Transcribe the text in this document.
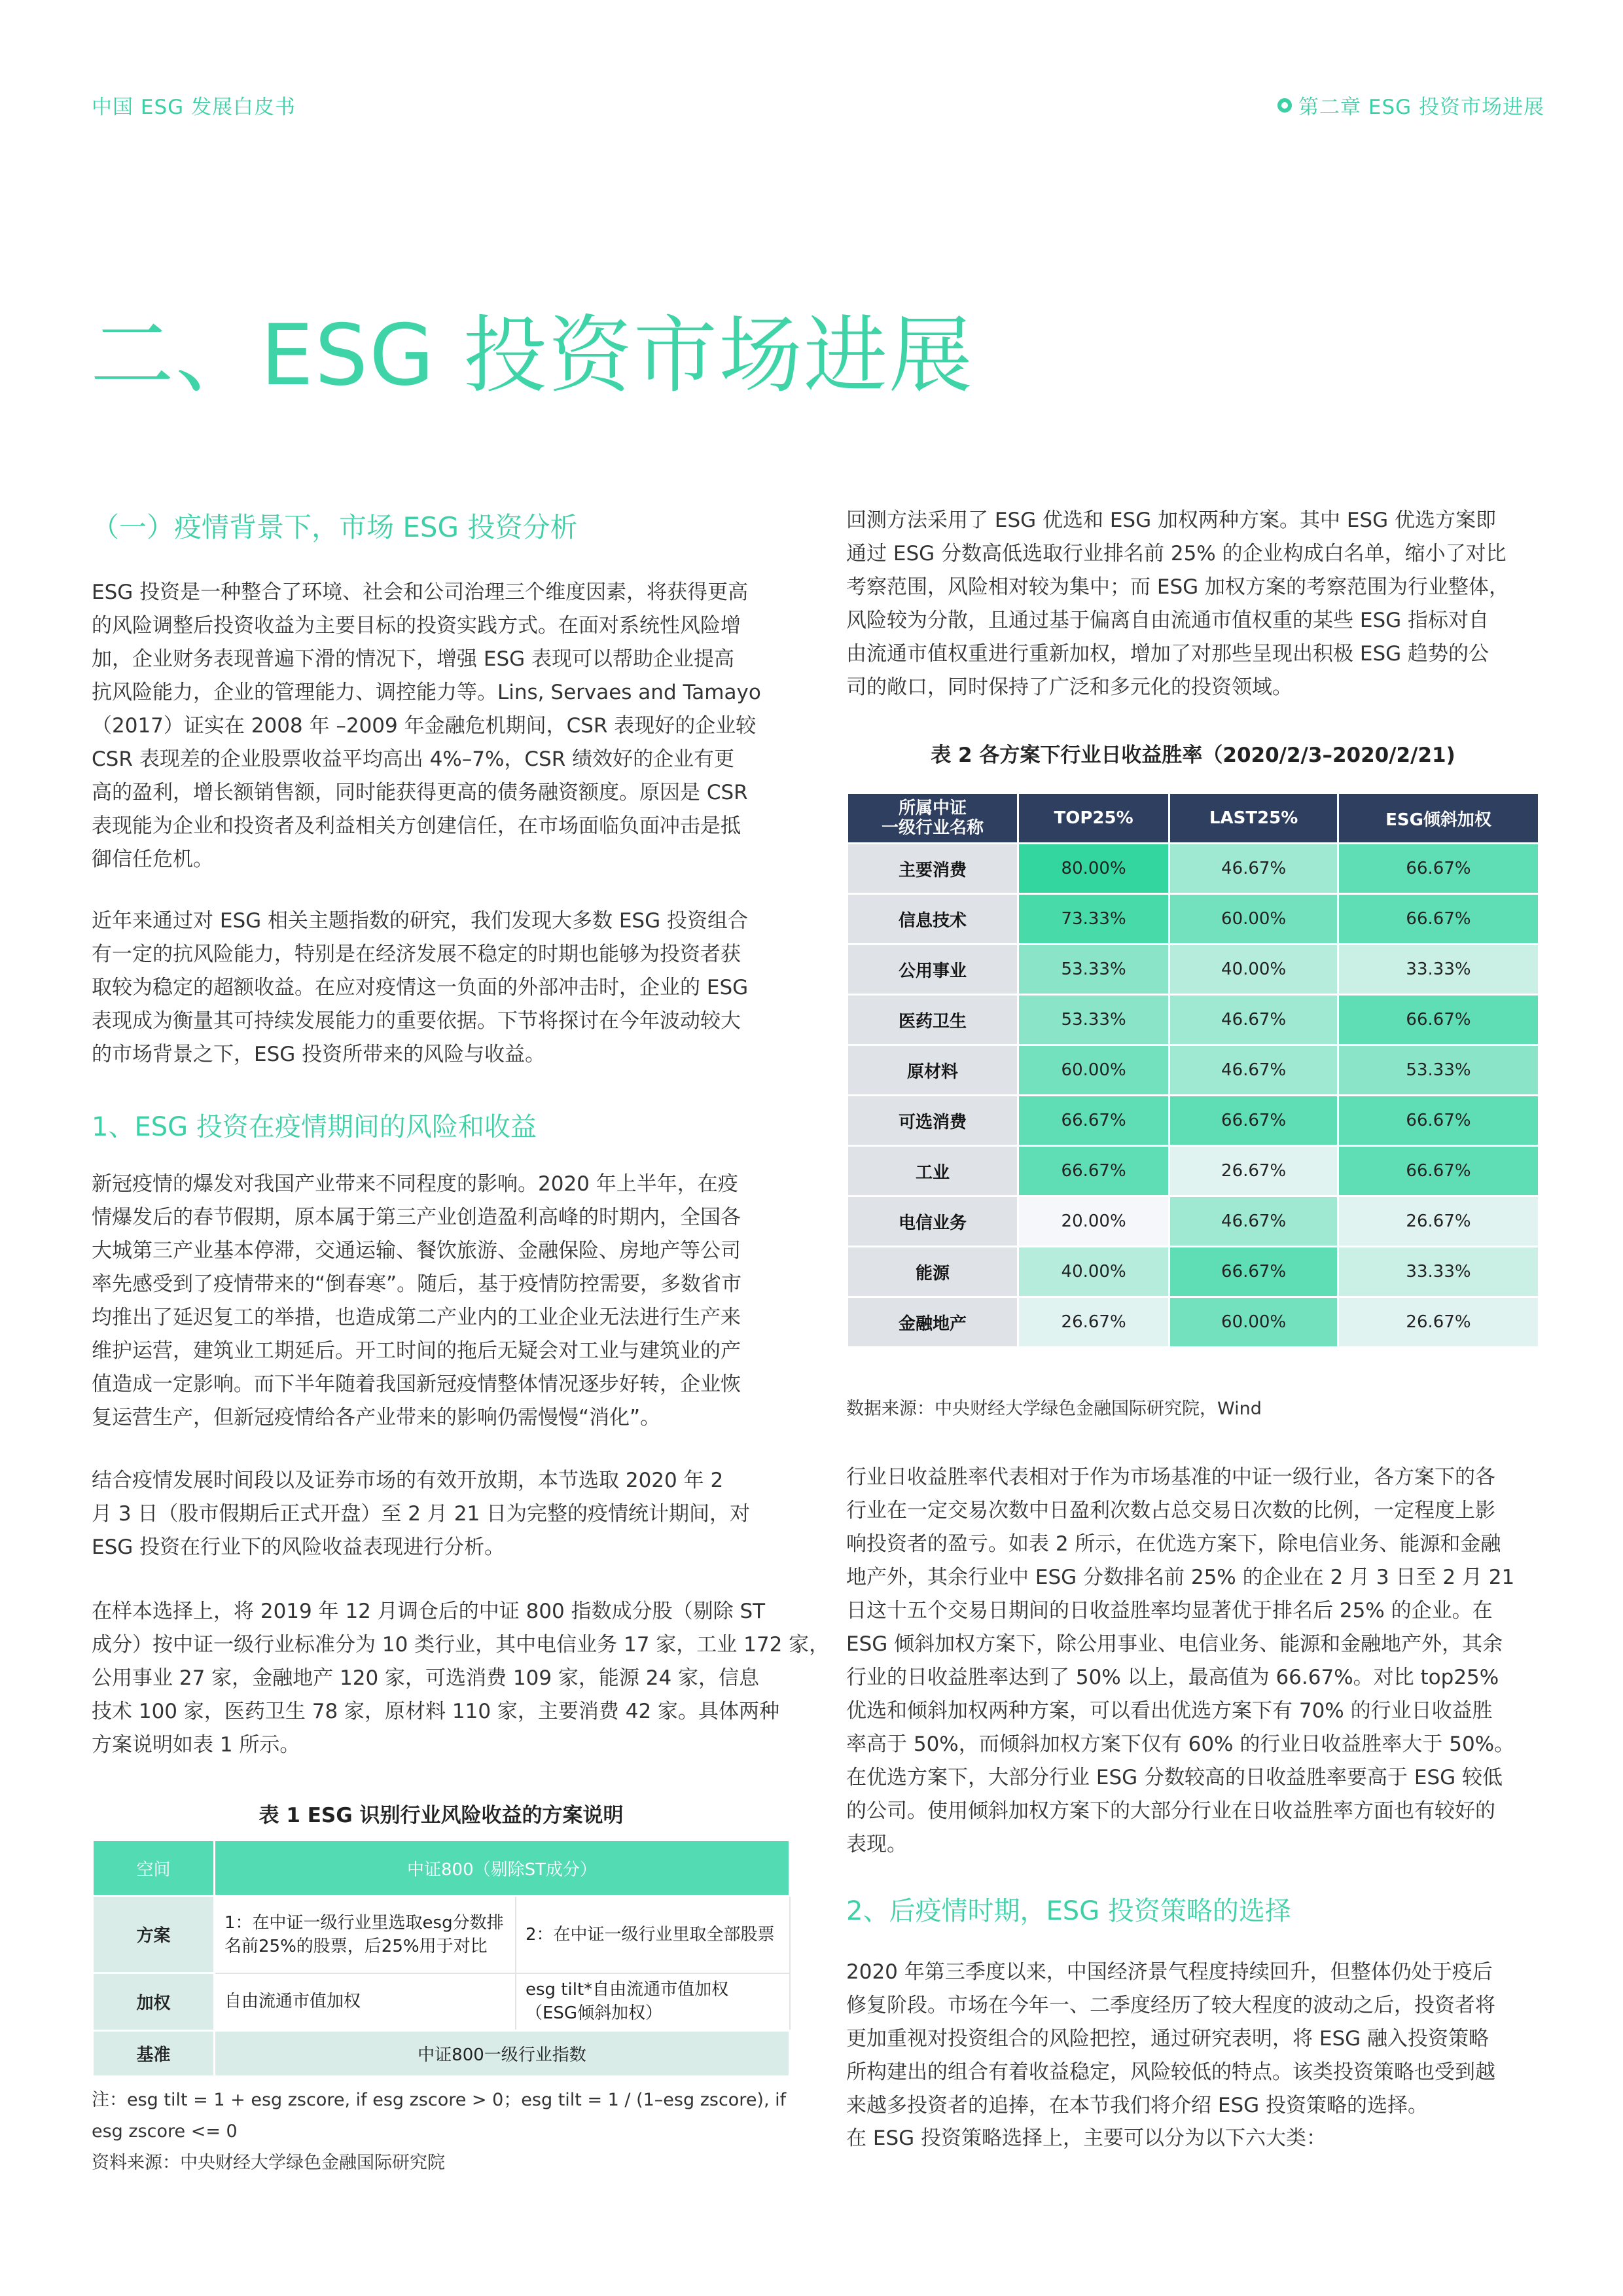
中国 ESG 发展白皮书	第二章 ESG 投资市场进展
二、ESG 投资市场进展
（一）疫情背景下，市场 ESG 投资分析
ESG 投资是一种整合了环境、社会和公司治理三个维度因素，将获得更高
的风险调整后投资收益为主要目标的投资实践方式。在面对系统性风险增
加，企业财务表现普遍下滑的情况下，增强 ESG 表现可以帮助企业提高
抗风险能力，企业的管理能力、调控能力等。Lins, Servaes and Tamayo
（2017）证实在 2008 年 –2009 年金融危机期间，CSR 表现好的企业较
CSR 表现差的企业股票收益平均高出 4%–7%，CSR 绩效好的企业有更
高的盈利，增长额销售额，同时能获得更高的债务融资额度。原因是 CSR
表现能为企业和投资者及利益相关方创建信任，在市场面临负面冲击是抵
御信任危机。
近年来通过对 ESG 相关主题指数的研究，我们发现大多数 ESG 投资组合
有一定的抗风险能力，特别是在经济发展不稳定的时期也能够为投资者获
取较为稳定的超额收益。在应对疫情这一负面的外部冲击时，企业的 ESG
表现成为衡量其可持续发展能力的重要依据。下节将探讨在今年波动较大
的市场背景之下，ESG 投资所带来的风险与收益。
1、ESG 投资在疫情期间的风险和收益
新冠疫情的爆发对我国产业带来不同程度的影响。2020 年上半年，在疫
情爆发后的春节假期，原本属于第三产业创造盈利高峰的时期内，全国各
大城第三产业基本停滞，交通运输、餐饮旅游、金融保险、房地产等公司
率先感受到了疫情带来的“倒春寒”。随后，基于疫情防控需要，多数省市
均推出了延迟复工的举措，也造成第二产业内的工业企业无法进行生产来
维护运营，建筑业工期延后。开工时间的拖后无疑会对工业与建筑业的产
值造成一定影响。而下半年随着我国新冠疫情整体情况逐步好转，企业恢
复运营生产，但新冠疫情给各产业带来的影响仍需慢慢“消化”。
结合疫情发展时间段以及证券市场的有效开放期，本节选取 2020 年 2
月 3 日（股市假期后正式开盘）至 2 月 21 日为完整的疫情统计期间，对
ESG 投资在行业下的风险收益表现进行分析。
在样本选择上，将 2019 年 12 月调仓后的中证 800 指数成分股（剔除 ST
成分）按中证一级行业标准分为 10 类行业，其中电信业务 17 家，工业 172 家，
公用事业 27 家，金融地产 120 家，可选消费 109 家，能源 24 家，信息
技术 100 家，医药卫生 78 家，原材料 110 家，主要消费 42 家。具体两种
方案说明如表 1 所示。
表 1 ESG 识别行业风险收益的方案说明
空间	中证800（剔除ST成分）	
方案	1：在中证一级行业里选取esg分数排名前25%的股票，后25%用于对比	2：在中证一级行业里取全部股票
加权	自由流通市值加权	esg tilt*自由流通市值加权（ESG倾斜加权）
基准	中证800一级行业指数	
注：esg tilt = 1 + esg zscore, if esg zscore > 0；esg tilt = 1 / (1–esg zscore), if
esg zscore <= 0
资料来源：中央财经大学绿色金融国际研究院
回测方法采用了 ESG 优选和 ESG 加权两种方案。其中 ESG 优选方案即
通过 ESG 分数高低选取行业排名前 25% 的企业构成白名单，缩小了对比
考察范围，风险相对较为集中；而 ESG 加权方案的考察范围为行业整体，
风险较为分散，且通过基于偏离自由流通市值权重的某些 ESG 指标对自
由流通市值权重进行重新加权，增加了对那些呈现出积极 ESG 趋势的公
司的敞口，同时保持了广泛和多元化的投资领域。
表 2 各方案下行业日收益胜率（2020/2/3–2020/2/21)
所属中证
一级行业名称	TOP25%	LAST25%	ESG倾斜加权
主要消费	80.00%	46.67%	66.67%
信息技术	73.33%	60.00%	66.67%
公用事业	53.33%	40.00%	33.33%
医药卫生	53.33%	46.67%	66.67%
原材料	60.00%	46.67%	53.33%
可选消费	66.67%	66.67%	66.67%
工业	66.67%	26.67%	66.67%
电信业务	20.00%	46.67%	26.67%
能源	40.00%	66.67%	33.33%
金融地产	26.67%	60.00%	26.67%
数据来源：中央财经大学绿色金融国际研究院，Wind
行业日收益胜率代表相对于作为市场基准的中证一级行业，各方案下的各
行业在一定交易次数中日盈利次数占总交易日次数的比例，一定程度上影
响投资者的盈亏。如表 2 所示，在优选方案下，除电信业务、能源和金融
地产外，其余行业中 ESG 分数排名前 25% 的企业在 2 月 3 日至 2 月 21
日这十五个交易日期间的日收益胜率均显著优于排名后 25% 的企业。在
ESG 倾斜加权方案下，除公用事业、电信业务、能源和金融地产外，其余
行业的日收益胜率达到了 50% 以上，最高值为 66.67%。对比 top25%
优选和倾斜加权两种方案，可以看出优选方案下有 70% 的行业日收益胜
率高于 50%，而倾斜加权方案下仅有 60% 的行业日收益胜率大于 50%。
在优选方案下，大部分行业 ESG 分数较高的日收益胜率要高于 ESG 较低
的公司。使用倾斜加权方案下的大部分行业在日收益胜率方面也有较好的
表现。
2、后疫情时期，ESG 投资策略的选择
2020 年第三季度以来，中国经济景气程度持续回升，但整体仍处于疫后
修复阶段。市场在今年一、二季度经历了较大程度的波动之后，投资者将
更加重视对投资组合的风险把控，通过研究表明，将 ESG 融入投资策略
所构建出的组合有着收益稳定，风险较低的特点。该类投资策略也受到越
来越多投资者的追捧，在本节我们将介绍 ESG 投资策略的选择。
在 ESG 投资策略选择上，主要可以分为以下六大类：
